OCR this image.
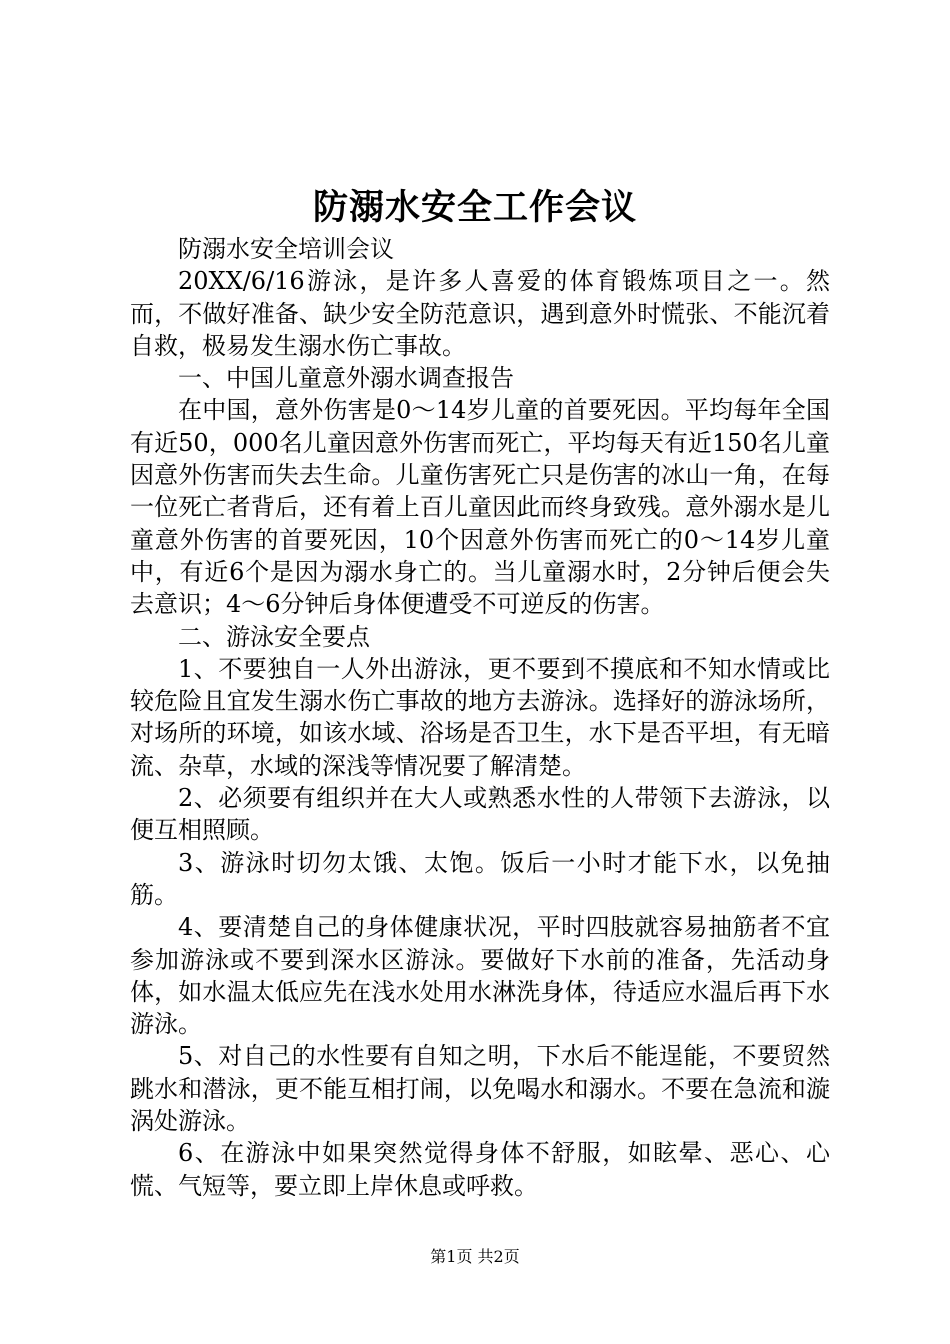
防溺水安全工作会议

防溺水安全培训会议

20XX/6/16游泳，是许多人喜爱的体育锻炼项目之一。然而，不做好准备、缺少安全防范意识，遇到意外时慌张、不能沉着自救，极易发生溺水伤亡事故。

一、中国儿童意外溺水调查报告

在中国，意外伤害是0～14岁儿童的首要死因。平均每年全国有近50，000名儿童因意外伤害而死亡，平均每天有近150名儿童因意外伤害而失去生命。儿童伤害死亡只是伤害的冰山一角，在每一位死亡者背后，还有着上百儿童因此而终身致残。意外溺水是儿童意外伤害的首要死因，10个因意外伤害而死亡的0～14岁儿童中，有近6个是因为溺水身亡的。当儿童溺水时，2分钟后便会失去意识；4～6分钟后身体便遭受不可逆反的伤害。

二、游泳安全要点

1、不要独自一人外出游泳，更不要到不摸底和不知水情或比较危险且宜发生溺水伤亡事故的地方去游泳。选择好的游泳场所，对场所的环境，如该水域、浴场是否卫生，水下是否平坦，有无暗流、杂草，水域的深浅等情况要了解清楚。

2、必须要有组织并在大人或熟悉水性的人带领下去游泳，以便互相照顾。

3、游泳时切勿太饿、太饱。饭后一小时才能下水，以免抽筋。

4、要清楚自己的身体健康状况，平时四肢就容易抽筋者不宜参加游泳或不要到深水区游泳。要做好下水前的准备，先活动身体，如水温太低应先在浅水处用水淋洗身体，待适应水温后再下水游泳。

5、对自己的水性要有自知之明，下水后不能逞能，不要贸然跳水和潜泳，更不能互相打闹，以免喝水和溺水。不要在急流和漩涡处游泳。

6、在游泳中如果突然觉得身体不舒服，如眩晕、恶心、心慌、气短等，要立即上岸休息或呼救。

第1页 共2页
